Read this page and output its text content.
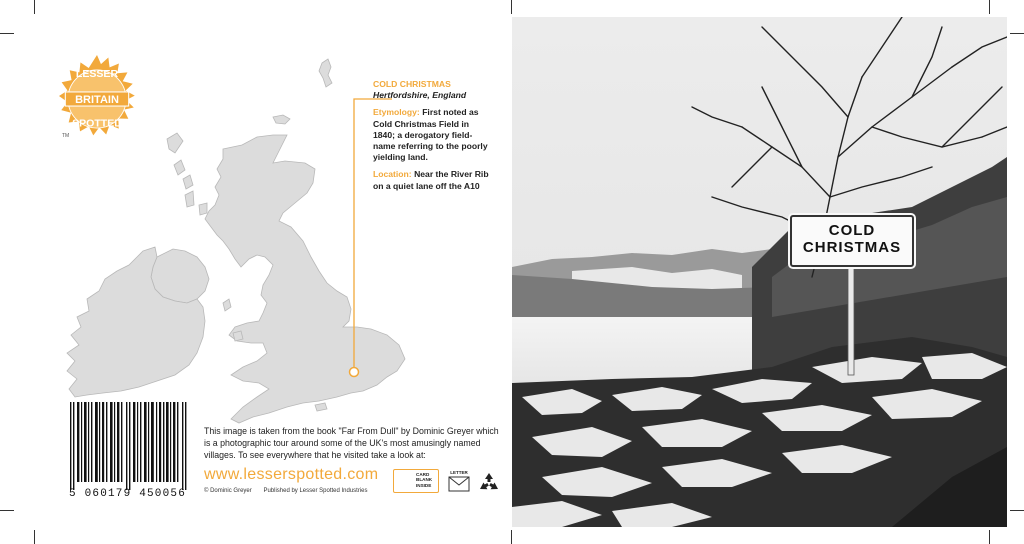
LESSER
BRITAIN
SPOTTED
TM
COLD CHRISTMAS
Hertfordshire, England

Etymology: First noted as Cold Christmas Field in 1840; a derogatory field-name referring to the poorly yielding land.

Location: Near the River Rib on a quiet lane off the A10

5 060179 450056
This image is taken from the book "Far From Dull" by Dominic Greyer which is a photographic tour around some of the UK's most amusingly named villages. To see everywhere that he visited take a look at:
www.lesserspotted.com
© Dominic Greyer Published by Lesser Spotted Industries
CARD BLANK INSIDE
LETTER
COLD
CHRISTMAS
